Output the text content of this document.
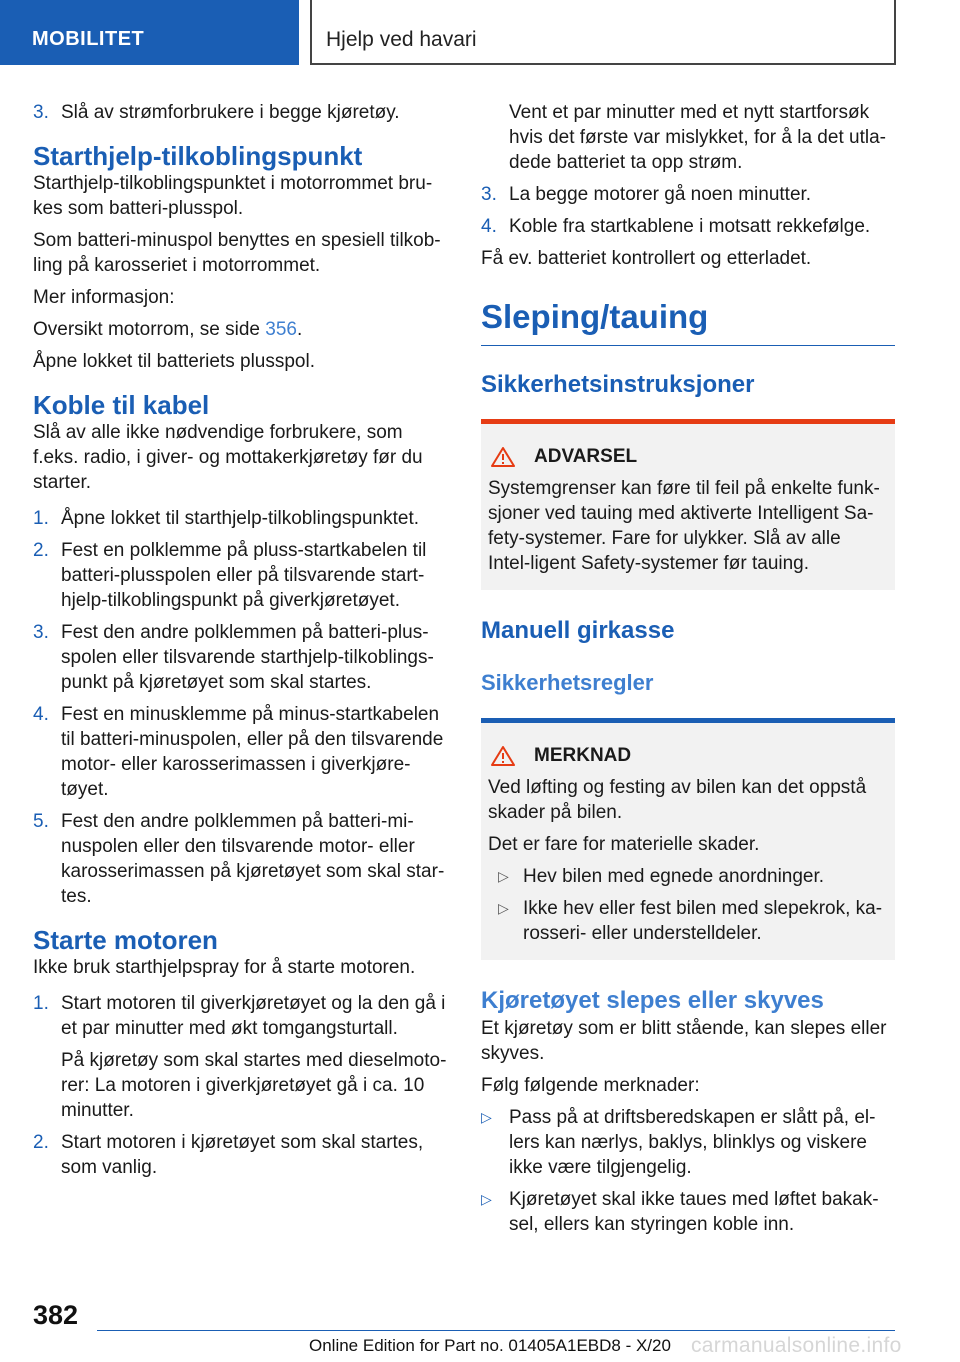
MOBILITET	Hjelp ved havari
3. Slå av strømforbrukere i begge kjøretøy.
Starthjelp-tilkoblingspunkt
Starthjelp-tilkoblingspunktet i motorrommet bru-kes som batteri-plusspol.
Som batteri-minuspol benyttes en spesiell tilkob-ling på karosseriet i motorrommet.
Mer informasjon:
Oversikt motorrom, se side 356.
Åpne lokket til batteriets plusspol.
Koble til kabel
Slå av alle ikke nødvendige forbrukere, som f.eks. radio, i giver- og mottakerkjøretøy før du starter.
1. Åpne lokket til starthjelp-tilkoblingspunktet.
2. Fest en polklemme på pluss-startkabelen til batteri-plusspolen eller på tilsvarende start-hjelp-tilkoblingspunkt på giverkjøretøyet.
3. Fest den andre polklemmen på batteri-plus-spolen eller tilsvarende starthjelp-tilkoblings-punkt på kjøretøyet som skal startes.
4. Fest en minusklemme på minus-startkabelen til batteri-minuspolen, eller på den tilsvarende motor- eller karosserimassen i giverkjøre-tøyet.
5. Fest den andre polklemmen på batteri-mi-nuspolen eller den tilsvarende motor- eller karosserimassen på kjøretøyet som skal star-tes.
Starte motoren
Ikke bruk starthjelpspray for å starte motoren.
1. Start motoren til giverkjøretøyet og la den gå i et par minutter med økt tomgangsturtall.
På kjøretøy som skal startes med dieselmoto-rer: La motoren i giverkjøretøyet gå i ca. 10 minutter.
2. Start motoren i kjøretøyet som skal startes, som vanlig.
Vent et par minutter med et nytt startforsøk hvis det første var mislykket, for å la det utla-dede batteriet ta opp strøm.
3. La begge motorer gå noen minutter.
4. Koble fra startkablene i motsatt rekkefølge.
Få ev. batteriet kontrollert og etterladet.
Sleping/tauing
Sikkerhetsinstruksjoner
ADVARSEL
Systemgrenser kan føre til feil på enkelte funk-sjoner ved tauing med aktiverte Intelligent Sa-fety-systemer. Fare for ulykker. Slå av alle Intel-ligent Safety-systemer før tauing.
Manuell girkasse
Sikkerhetsregler
MERKNAD
Ved løfting og festing av bilen kan det oppstå skader på bilen.
Det er fare for materielle skader.
▷ Hev bilen med egnede anordninger.
▷ Ikke hev eller fest bilen med slepekrok, ka-rosseri- eller understelldeler.
Kjøretøyet slepes eller skyves
Et kjøretøy som er blitt stående, kan slepes eller skyves.
Følg følgende merknader:
▷ Pass på at driftsberedskapen er slått på, el-lers kan nærlys, baklys, blinklys og viskere ikke være tilgjengelig.
▷ Kjøretøyet skal ikke taues med løftet bakak-sel, ellers kan styringen koble inn.
382
Online Edition for Part no. 01405A1EBD8 - X/20 carmanualsonline.info
